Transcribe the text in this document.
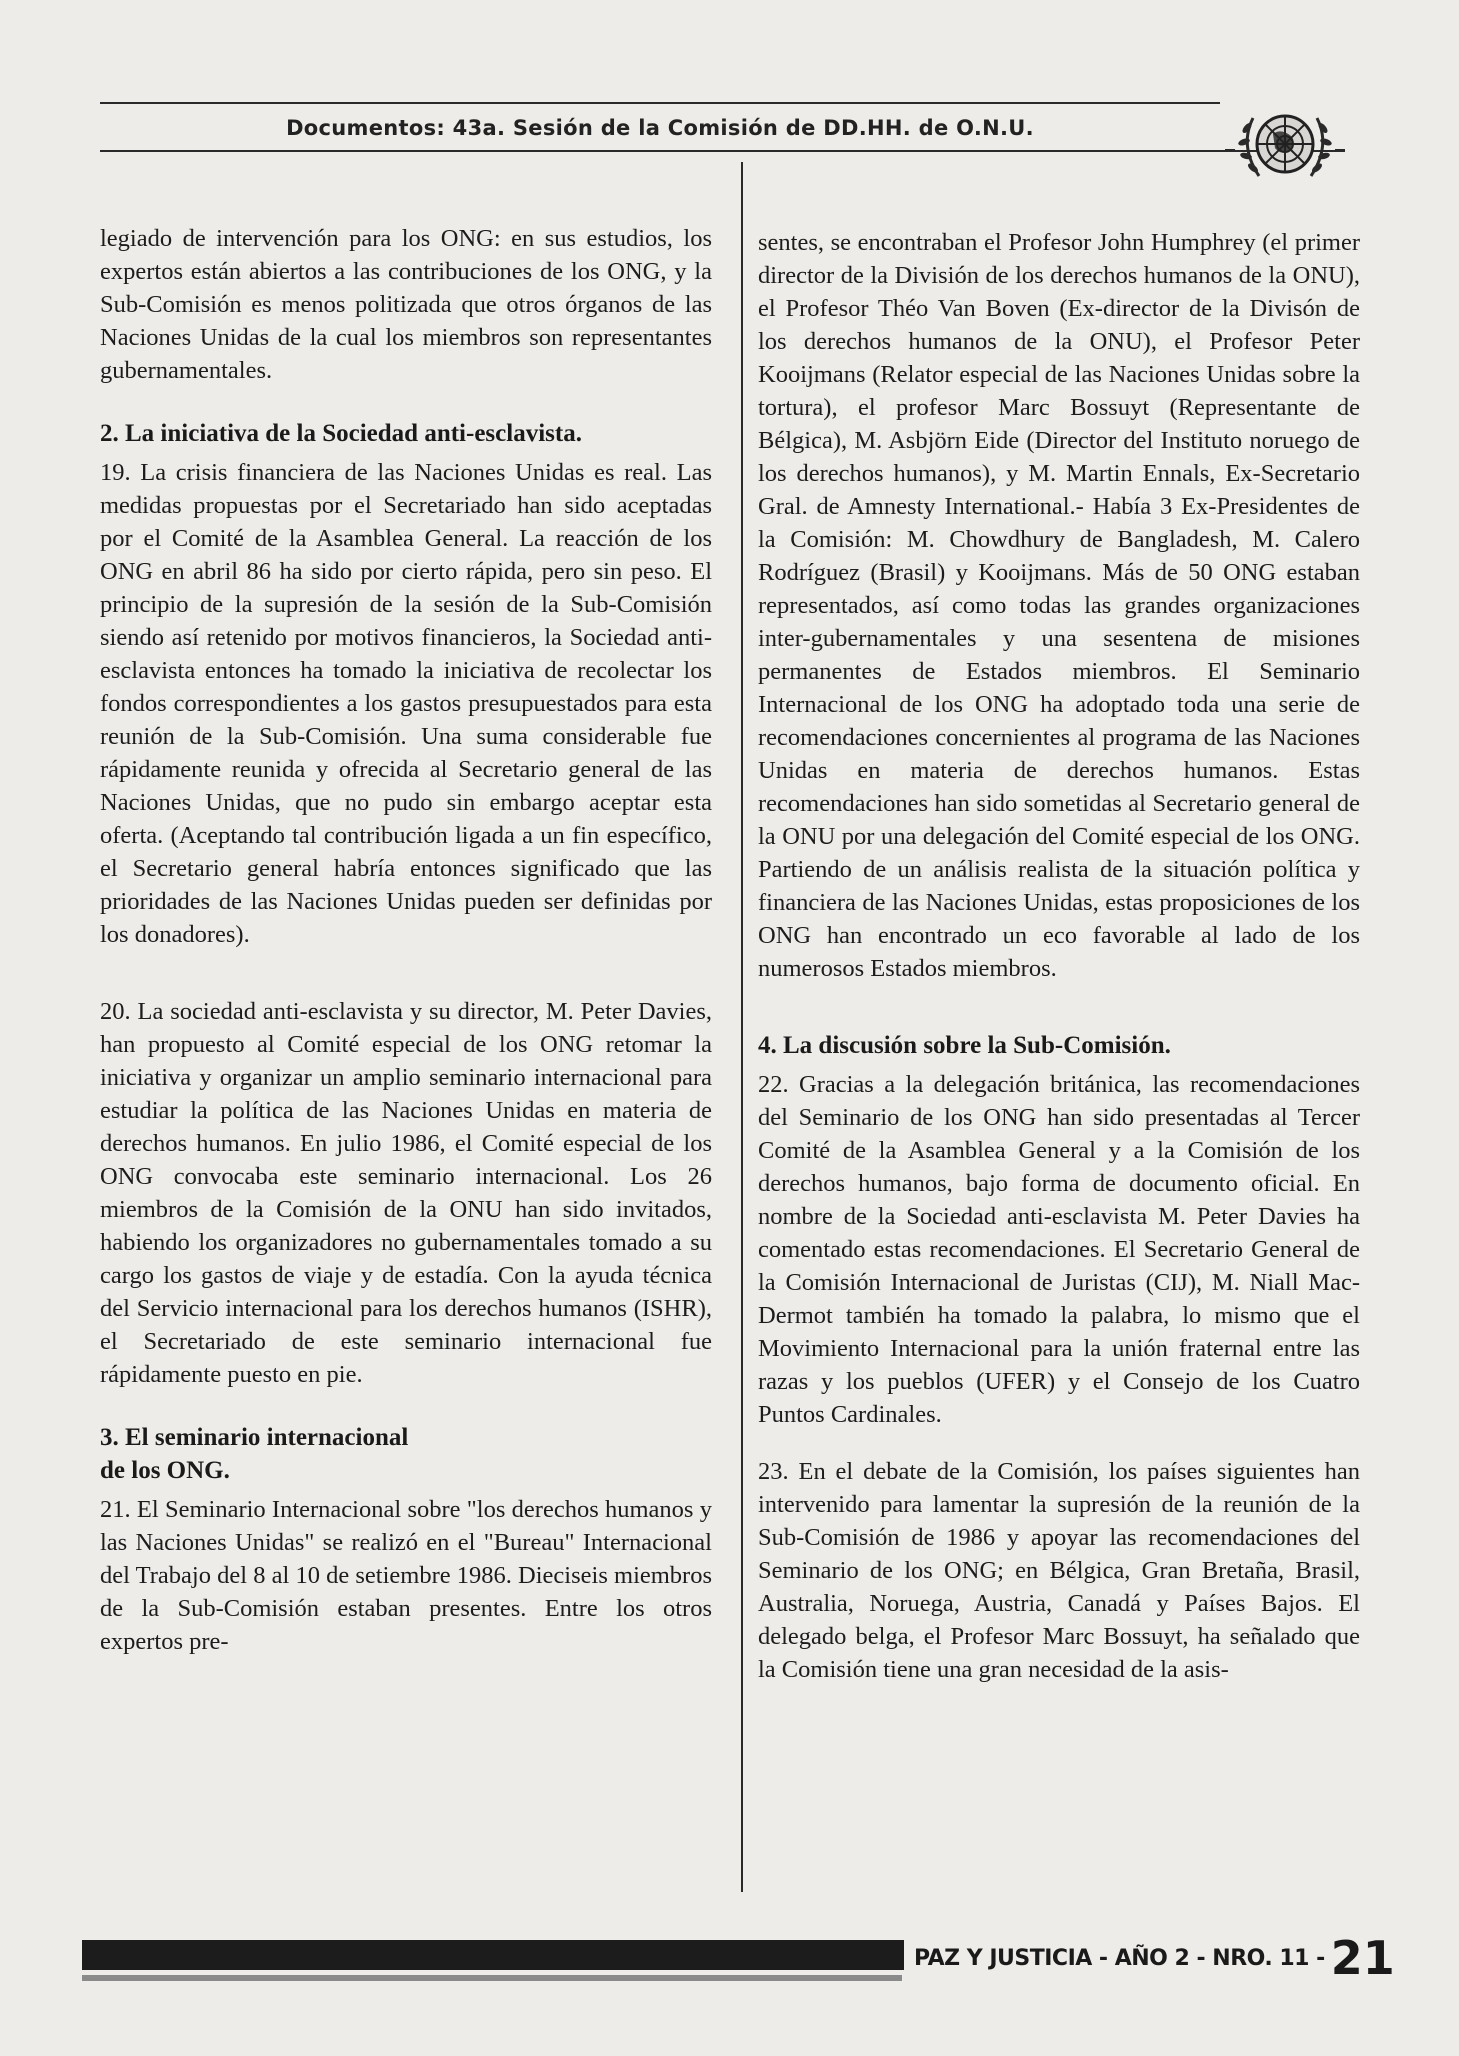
Documentos: 43a. Sesión de la Comisión de DD.HH. de O.N.U.

legiado de intervención para los ONG: en sus estudios, los expertos están abiertos a las contribuciones de los ONG, y la Sub-Comisión es menos politizada que otros órganos de las Naciones Unidas de la cual los miembros son representantes gubernamentales.

2. La iniciativa de la Sociedad anti-esclavista.

19. La crisis financiera de las Naciones Unidas es real. Las medidas propuestas por el Secretariado han sido aceptadas por el Comité de la Asamblea General. La reacción de los ONG en abril 86 ha sido por cierto rápida, pero sin peso. El principio de la supresión de la sesión de la Sub-Comisión siendo así retenido por motivos financieros, la Sociedad anti-esclavista entonces ha tomado la iniciativa de recolectar los fondos correspondientes a los gastos presupuestados para esta reunión de la Sub-Comisión. Una suma considerable fue rápidamente reunida y ofrecida al Secretario general de las Naciones Unidas, que no pudo sin embargo aceptar esta oferta. (Aceptando tal contribución ligada a un fin específico, el Secretario general habría entonces significado que las prioridades de las Naciones Unidas pueden ser definidas por los donadores).

20. La sociedad anti-esclavista y su director, M. Peter Davies, han propuesto al Comité especial de los ONG retomar la iniciativa y organizar un amplio seminario internacional para estudiar la política de las Naciones Unidas en materia de derechos humanos. En julio 1986, el Comité especial de los ONG convocaba este seminario internacional. Los 26 miembros de la Comisión de la ONU han sido invitados, habiendo los organizadores no gubernamentales tomado a su cargo los gastos de viaje y de estadía. Con la ayuda técnica del Servicio internacional para los derechos humanos (ISHR), el Secretariado de este seminario internacional fue rápidamente puesto en pie.

3. El seminario internacional
de los ONG.

21. El Seminario Internacional sobre "los derechos humanos y las Naciones Unidas" se realizó en el "Bureau" Internacional del Trabajo del 8 al 10 de setiembre 1986. Dieciseis miembros de la Sub-Comisión estaban presentes. Entre los otros expertos pre-

sentes, se encontraban el Profesor John Humphrey (el primer director de la División de los derechos humanos de la ONU), el Profesor Théo Van Boven (Ex-director de la Divisón de los derechos humanos de la ONU), el Profesor Peter Kooijmans (Relator especial de las Naciones Unidas sobre la tortura), el profesor Marc Bossuyt (Representante de Bélgica), M. Asbjörn Eide (Director del Instituto noruego de los derechos humanos), y M. Martin Ennals, Ex-Secretario Gral. de Amnesty International.- Había 3 Ex-Presidentes de la Comisión: M. Chowdhury de Bangladesh, M. Calero Rodríguez (Brasil) y Kooijmans. Más de 50 ONG estaban representados, así como todas las grandes organizaciones inter-gubernamentales y una sesentena de misiones permanentes de Estados miembros. El Seminario Internacional de los ONG ha adoptado toda una serie de recomendaciones concernientes al programa de las Naciones Unidas en materia de derechos humanos. Estas recomendaciones han sido sometidas al Secretario general de la ONU por una delegación del Comité especial de los ONG. Partiendo de un análisis realista de la situación política y financiera de las Naciones Unidas, estas proposiciones de los ONG han encontrado un eco favorable al lado de los numerosos Estados miembros.

4. La discusión sobre la Sub-Comisión.

22. Gracias a la delegación británica, las recomendaciones del Seminario de los ONG han sido presentadas al Tercer Comité de la Asamblea General y a la Comisión de los derechos humanos, bajo forma de documento oficial. En nombre de la Sociedad anti-esclavista M. Peter Davies ha comentado estas recomendaciones. El Secretario General de la Comisión Internacional de Juristas (CIJ), M. Niall Mac-Dermot también ha tomado la palabra, lo mismo que el Movimiento Internacional para la unión fraternal entre las razas y los pueblos (UFER) y el Consejo de los Cuatro Puntos Cardinales.

23. En el debate de la Comisión, los países siguientes han intervenido para lamentar la supresión de la reunión de la Sub-Comisión de 1986 y apoyar las recomendaciones del Seminario de los ONG; en Bélgica, Gran Bretaña, Brasil, Australia, Noruega, Austria, Canadá y Países Bajos. El delegado belga, el Profesor Marc Bossuyt, ha señalado que la Comisión tiene una gran necesidad de la asis-

PAZ Y JUSTICIA - AÑO 2 - NRO. 11 - 21
